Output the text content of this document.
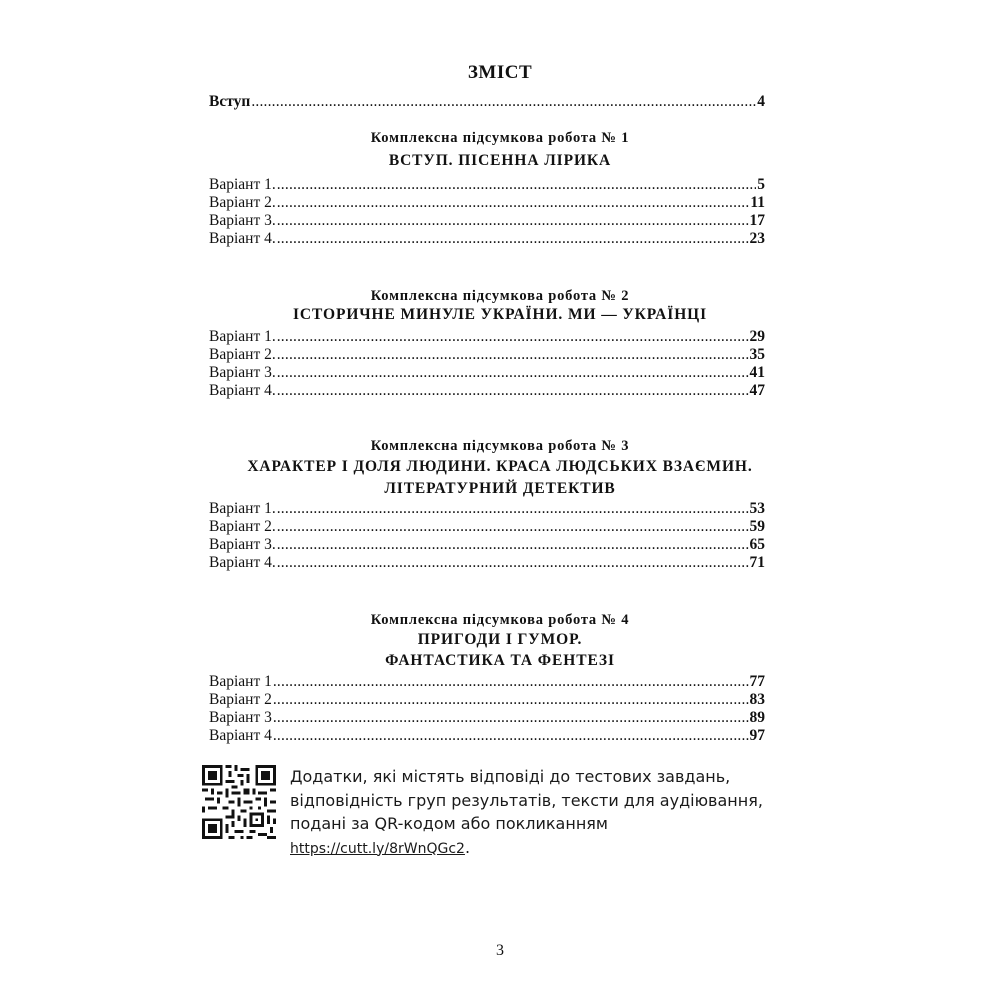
ЗМІСТ
Вступ .....	4
Комплексна підсумкова робота № 1
ВСТУП. ПІСЕННА ЛІРИКА
Варіант 1. .....	5
Варіант 2. .....	11
Варіант 3. .....	17
Варіант 4. .....	23
Комплексна підсумкова робота № 2
ІСТОРИЧНЕ МИНУЛЕ УКРАЇНИ. МИ — УКРАЇНЦІ
Варіант 1. .....	29
Варіант 2. .....	35
Варіант 3. .....	41
Варіант 4. .....	47
Комплексна підсумкова робота № 3
ХАРАКТЕР І ДОЛЯ ЛЮДИНИ. КРАСА ЛЮДСЬКИХ ВЗАЄМИН.
ЛІТЕРАТУРНИЙ ДЕТЕКТИВ
Варіант 1. .....	53
Варіант 2. .....	59
Варіант 3. .....	65
Варіант 4. .....	71
Комплексна підсумкова робота № 4
ПРИГОДИ І ГУМОР.
ФАНТАСТИКА ТА ФЕНТЕЗІ
Варіант 1 .....	77
Варіант 2 .....	83
Варіант 3 .....	89
Варіант 4 .....	97
Додатки, які містять відповіді до тестових завдань,
відповідність груп результатів, тексти для аудіювання,
подані за QR-кодом або покликанням
https://cutt.ly/8rWnQGc2.
3
